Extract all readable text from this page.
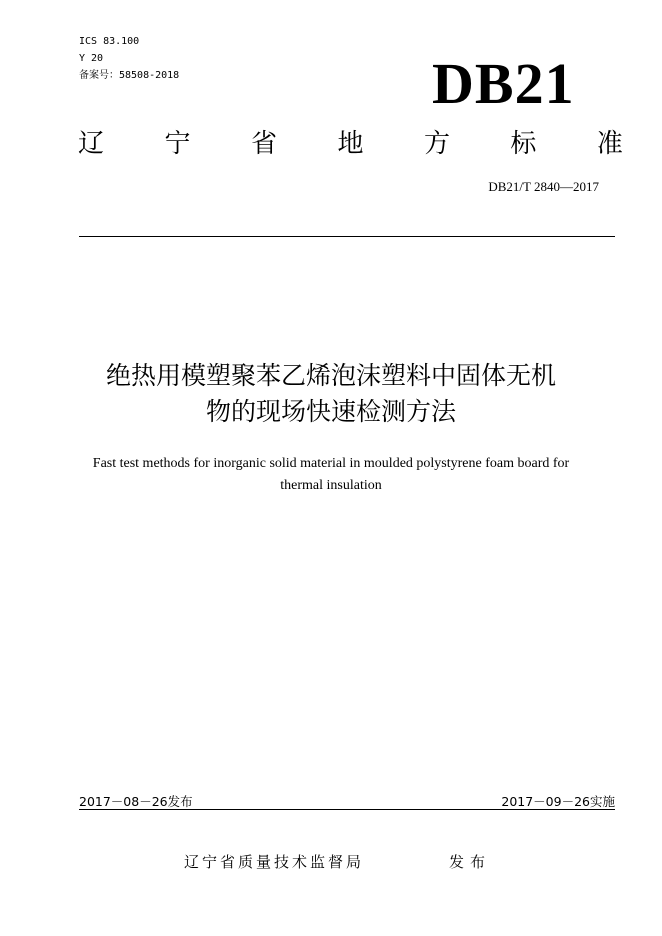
ICS 83.100
Y 20
备案号：58508-2018	DB21
辽 宁 省 地 方 标 准
DB21/T 2840—2017
绝热用模塑聚苯乙烯泡沫塑料中固体无机
物的现场快速检测方法
Fast test methods for inorganic solid material in moulded polystyrene foam board for
thermal insulation
2017－08－26发布	2017－09－26实施
辽宁省质量技术监督局	发布
